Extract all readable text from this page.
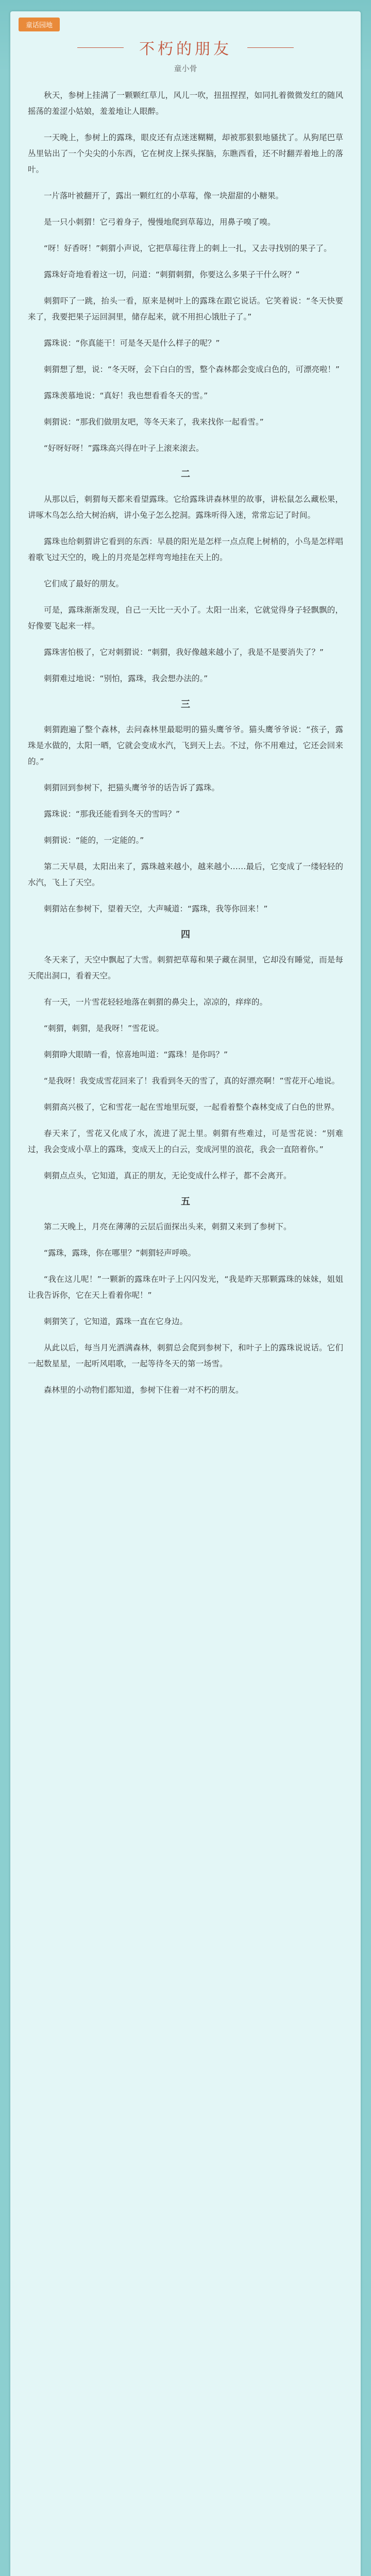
童话园地
不朽的朋友
童小骨

秋天，参树上挂满了一颗颗红草儿，风儿一吹，扭扭捏捏，如同扎着微微发红的随风摇荡的羞涩小姑娘，羞羞地让人眼醉。

一天晚上，参树上的露珠，眼皮还有点迷迷糊糊，却被那狠狠地骚扰了。从狗尾巴草丛里钻出了一个尖尖的小东西，它在树皮上探头探脑，东瞧西看，还不时翻弄着地上的落叶。

一片落叶被翻开了，露出一颗红红的小草莓，像一块甜甜的小糖果。

是一只小刺猬！它弓着身子，慢慢地爬到草莓边，用鼻子嗅了嗅。

“呀！好香呀！”刺猬小声说，它把草莓往背上的刺上一扎，又去寻找别的果子了。

露珠好奇地看着这一切，问道：“刺猬刺猬，你要这么多果子干什么呀？”

刺猬吓了一跳，抬头一看，原来是树叶上的露珠在跟它说话。它笑着说：“冬天快要来了，我要把果子运回洞里，储存起来，就不用担心饿肚子了。”

露珠说：“你真能干！可是冬天是什么样子的呢？”

刺猬想了想，说：“冬天呀，会下白白的雪，整个森林都会变成白色的，可漂亮啦！”

露珠羡慕地说：“真好！我也想看看冬天的雪。”

刺猬说：“那我们做朋友吧，等冬天来了，我来找你一起看雪。”

“好呀好呀！”露珠高兴得在叶子上滚来滚去。

二

从那以后，刺猬每天都来看望露珠。它给露珠讲森林里的故事，讲松鼠怎么藏松果，讲啄木鸟怎么给大树治病，讲小兔子怎么挖洞。露珠听得入迷，常常忘记了时间。

露珠也给刺猬讲它看到的东西：早晨的阳光是怎样一点点爬上树梢的，小鸟是怎样唱着歌飞过天空的，晚上的月亮是怎样弯弯地挂在天上的。

它们成了最好的朋友。

可是，露珠渐渐发现，自己一天比一天小了。太阳一出来，它就觉得身子轻飘飘的，好像要飞起来一样。

露珠害怕极了，它对刺猬说：“刺猬，我好像越来越小了，我是不是要消失了？”

刺猬难过地说：“别怕，露珠，我会想办法的。”

三

刺猬跑遍了整个森林，去问森林里最聪明的猫头鹰爷爷。猫头鹰爷爷说：“孩子，露珠是水做的，太阳一晒，它就会变成水汽，飞到天上去。不过，你不用难过，它还会回来的。”

刺猬回到参树下，把猫头鹰爷爷的话告诉了露珠。

露珠说：“那我还能看到冬天的雪吗？”

刺猬说：“能的，一定能的。”

第二天早晨，太阳出来了，露珠越来越小，越来越小……最后，它变成了一缕轻轻的水汽，飞上了天空。

刺猬站在参树下，望着天空，大声喊道：“露珠，我等你回来！”

四

冬天来了，天空中飘起了大雪。刺猬把草莓和果子藏在洞里，它却没有睡觉，而是每天爬出洞口，看着天空。

有一天，一片雪花轻轻地落在刺猬的鼻尖上，凉凉的，痒痒的。

“刺猬，刺猬，是我呀！”雪花说。

刺猬睁大眼睛一看，惊喜地叫道：“露珠！是你吗？”

“是我呀！我变成雪花回来了！我看到冬天的雪了，真的好漂亮啊！”雪花开心地说。

刺猬高兴极了，它和雪花一起在雪地里玩耍，一起看着整个森林变成了白色的世界。

春天来了，雪花又化成了水，流进了泥土里。刺猬有些难过，可是雪花说：“别难过，我会变成小草上的露珠，变成天上的白云，变成河里的浪花，我会一直陪着你。”

刺猬点点头，它知道，真正的朋友，无论变成什么样子，都不会离开。

五

第二天晚上，月亮在薄薄的云层后面探出头来，刺猬又来到了参树下。

“露珠，露珠，你在哪里？”刺猬轻声呼唤。

“我在这儿呢！”一颗新的露珠在叶子上闪闪发光，“我是昨天那颗露珠的妹妹，姐姐让我告诉你，它在天上看着你呢！”

刺猬笑了，它知道，露珠一直在它身边。

从此以后，每当月光洒满森林，刺猬总会爬到参树下，和叶子上的露珠说说话。它们一起数星星，一起听风唱歌，一起等待冬天的第一场雪。

森林里的小动物们都知道，参树下住着一对不朽的朋友。
